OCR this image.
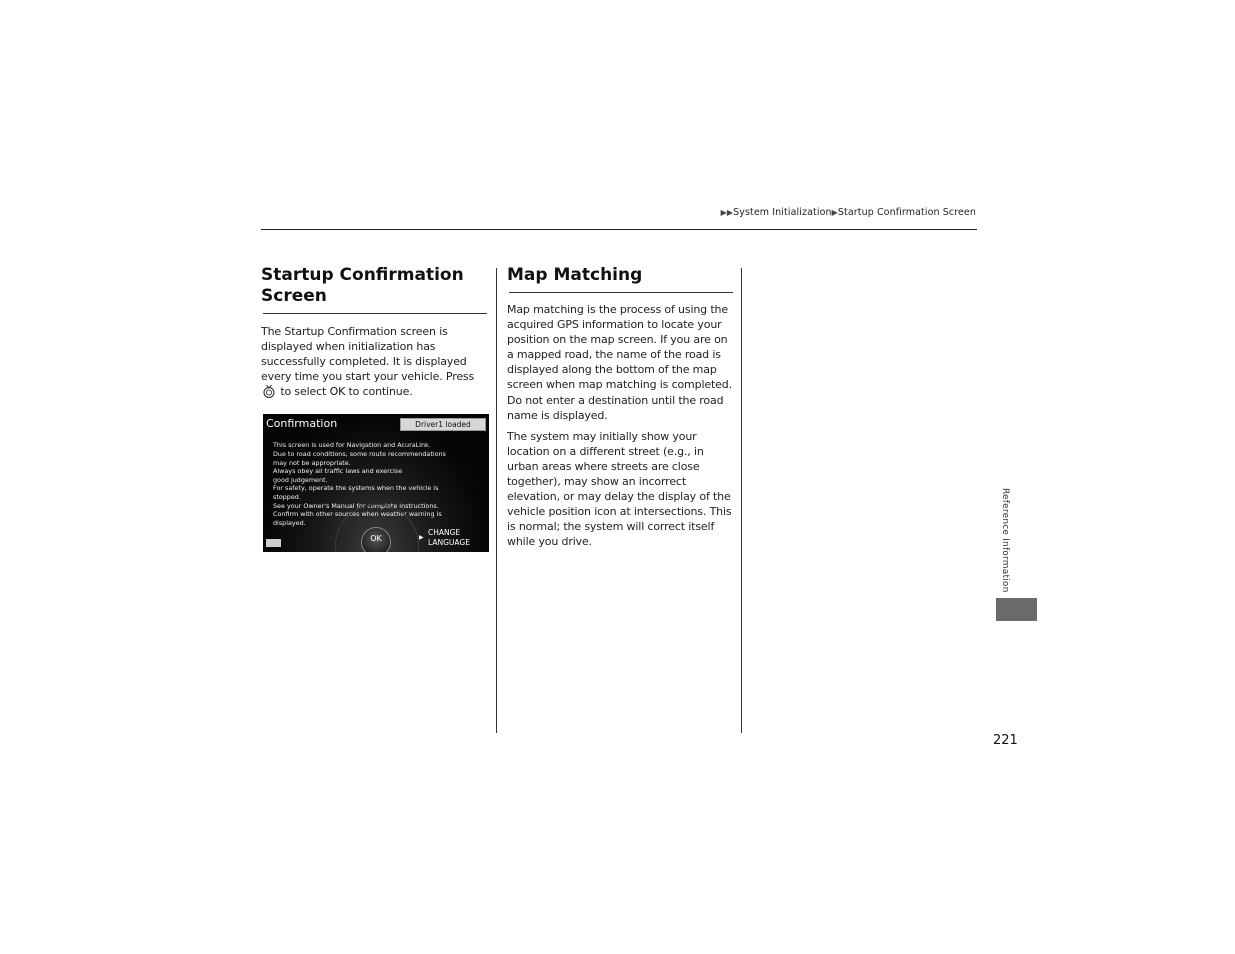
▶▶System Initialization▶Startup Confirmation Screen
Startup Confirmation
Screen

The Startup Confirmation screen is displayed when initialization has successfully completed. It is displayed every time you start your vehicle. Press  to select OK to continue.

Confirmation	Driver1 loaded
This screen is used for Navigation and AcuraLink.
Due to road conditions, some route recommendations
may not be appropriate.
Always obey all traffic laws and exercise
good judgement.
For safety, operate the systems when the vehicle is
stopped.
See your Owner's Manual for complete instructions.
Confirm with other sources when weather warning is
displayed.
OK	▶
CHANGE
LANGUAGE
Map Matching

Map matching is the process of using the acquired GPS information to locate your position on the map screen. If you are on a mapped road, the name of the road is displayed along the bottom of the map screen when map matching is completed. Do not enter a destination until the road name is displayed.

The system may initially show your location on a different street (e.g., in urban areas where streets are close together), may show an incorrect elevation, or may delay the display of the vehicle position icon at intersections. This is normal; the system will correct itself while you drive.	Reference Information
221
